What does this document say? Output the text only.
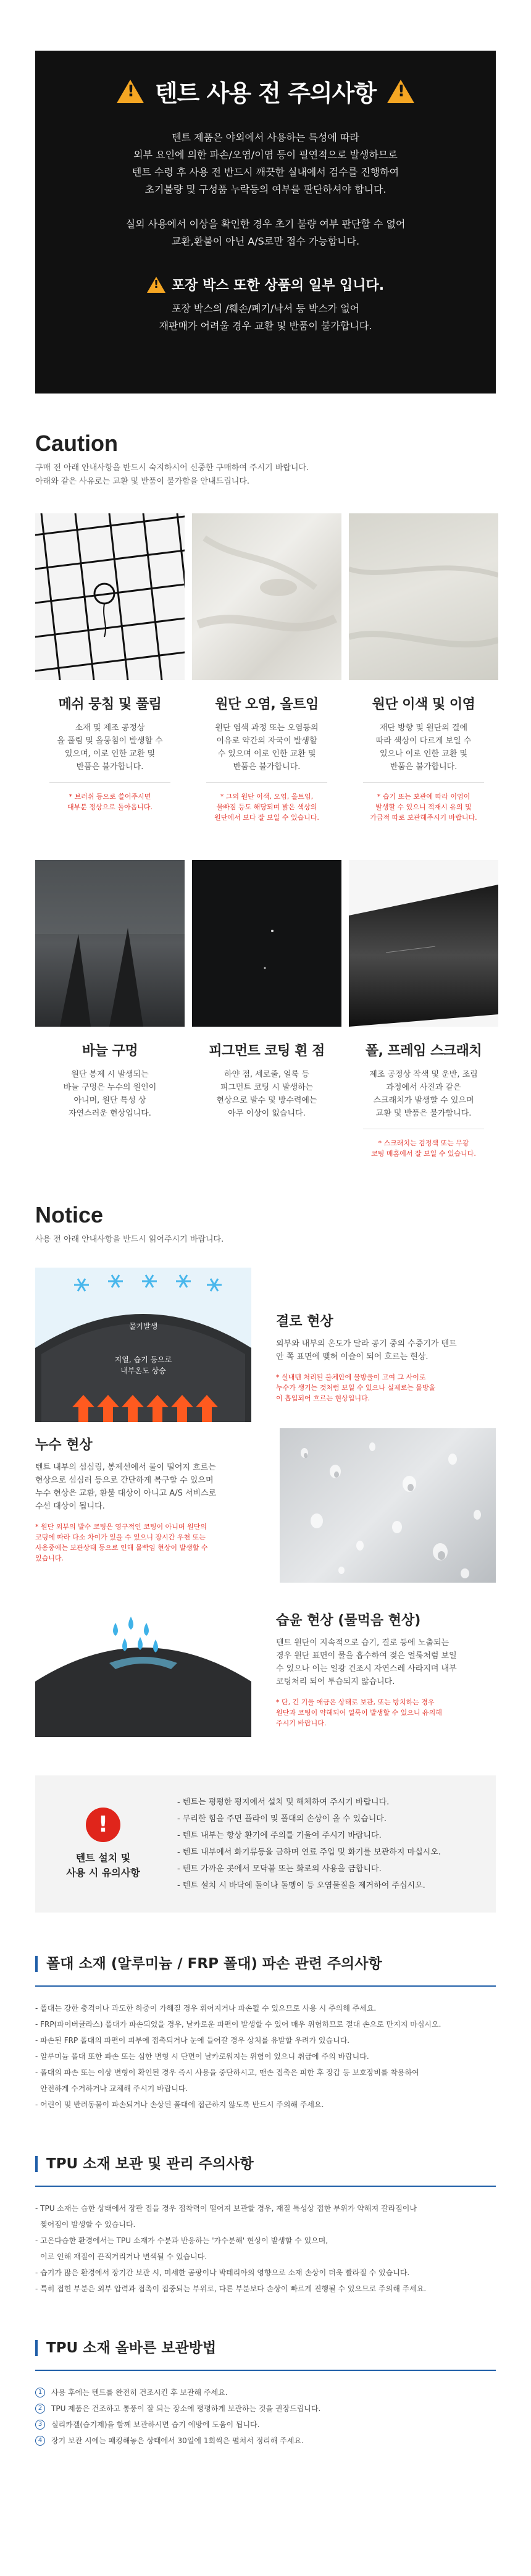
!
텐트 사용 전 주의사항
!
텐트 제품은 야외에서 사용하는 특성에 따라
외부 요인에 의한 파손/오염/이염 등이 필연적으로 발생하므로
텐트 수령 후 사용 전 반드시 깨끗한 실내에서 검수를 진행하여
초기불량 및 구성품 누락등의 여부를 판단하셔야 합니다.
실외 사용에서 이상을 확인한 경우 초기 불량 여부 판단할 수 없어
교환,환불이 아닌 A/S로만 접수 가능합니다.
!
포장 박스 또한 상품의 일부 입니다.
포장 박스의 /훼손/폐기/낙서 등 박스가 없어
재판매가 어려울 경우 교환 및 반품이 불가합니다.
Caution

구매 전 아래 안내사항을 반드시 숙지하시어 신중한 구매하여 주시기 바랍니다.
아래와 같은 사유로는 교환 및 반품이 불가함을 안내드립니다.

메쉬 뭉침 및 풀림
소재 및 제조 공정상
올 풀림 및 올뭉침이 발생할 수
있으며, 이로 인한 교환 및
반품은 불가합니다.
* 브러쉬 등으로 쓸어주시면
대부분 정상으로 돌아옵니다.
원단 오염, 올트임
원단 염색 과정 또는 오염등의
이유로 약간의 자국이 발생할
수 있으며 이로 인한 교환 및
반품은 불가합니다.
* 그외 원단 이색, 오염, 올트임,
물빠짐 등도 해당되며 밝은 색상의
원단에서 보다 잘 보일 수 있습니다.
원단 이색 및 이염
재단 방향 및 원단의 결에
따라 색상이 다르게 보일 수
있으나 이로 인한 교환 및
반품은 불가합니다.
* 습기 또는 보관에 따라 이염이
발생할 수 있으니 적재시 유의 및
가급적 따로 보관해주시기 바랍니다.
바늘 구멍
원단 봉제 시 발생되는
바늘 구멍은 누수의 원인이
아니며, 원단 특성 상
자연스러운 현상입니다.
피그먼트 코팅 흰 점
하얀 점, 세로줄, 얼룩 등
피그먼트 코팅 시 발생하는
현상으로 발수 및 방수력에는
아무 이상이 없습니다.
폴, 프레임 스크래치
제조 공정상 작색 및 운반, 조립
과정에서 사진과 같은
스크래치가 발생할 수 있으며
교환 및 반품은 불가합니다.
* 스크래치는 검정색 또는 무광
코팅 매홈에서 잘 보일 수 있습니다.
Notice

사용 전 아래 안내사항을 반드시 읽어주시기 바랍니다.

물기발생
지열, 습기 등으로
내부온도 상승
결로 현상
외부와 내부의 온도가 달라 공기 중의 수증기가 텐트
안 쪽 표면에 맺혀 이슬이 되어 흐르는 현상.
* 실내텐 처리된 불체안에 물방울이 고여 그 사이로
누수가 생기는 것처럼 보일 수 있으나 실제로는 물방울
이 흡입되어 흐르는 현상입니다.
누수 현상
텐트 내부의 섬심링, 봉제선에서 물이 떨어지 흐르는
현상으로 섬심러 등으로 간단하게 복구할 수 있으며
누수 현상은 교환, 환불 대상이 아니고 A/S 서비스로
수선 대상이 됩니다.
* 원단 외부의 발수 코팅은 영구적인 코팅이 아니며 원단의
코팅에 따라 다소 차이가 있을 수 있으니 장시간 우천 또는
사용중에는 보관상태 등으로 인해 물빡임 현상이 발생할 수
있습니다.
습윤 현상 (물먹음 현상)
텐트 원단이 지속적으로 습기, 결로 등에 노출되는
경우 원단 표면이 물을 흡수하여 젖은 얼룩처럼 보일
수 있으나 이는 일광 건조시 자연스레 사라지며 내부
코팅처리 되어 투습되지 않습니다.
* 단, 긴 기울 애금은 상태로 보관, 또는 방치하는 경우
원단과 코팅이 약해되어 얼룩이 발생할 수 있으니 유의해
주시기 바랍니다.
!
텐트 설치 및
사용 시 유의사항
- 텐트는 평평한 평지에서 설치 및 해체하여 주시기 바랍니다.
- 무리한 힘을 주면 플라이 및 폴대의 손상이 올 수 있습니다.
- 텐트 내부는 항상 환기에 주의를 기울여 주시기 바랍니다.
- 텐트 내부에서 화기류등을 금하며 연료 주입 및 화기를 보관하지 마십시오.
- 텐트 가까운 곳에서 모닥불 또는 화로의 사용을 금합니다.
- 텐트 설치 시 바닥에 돌이나 돌멩이 등 오염물질을 제거하여 주십시오.
폴대 소재 (알루미늄 / FRP 폴대) 파손 관련 주의사항
- 폴대는 강한 충격이나 과도한 하중이 가해질 경우 휘어지거나 파손될 수 있으므로 사용 시 주의해 주세요.
- FRP(파이버글라스) 폴대가 파손되었을 경우, 날카로운 파편이 발생할 수 있어 매우 위험하므로 절대 손으로 만지지 마십시오.
- 파손된 FRP 폴대의 파편이 피부에 접촉되거나 눈에 들어갈 경우 상처를 유발할 우려가 있습니다.
- 알루미늄 폴대 또한 파손 또는 심한 변형 시 단면이 날카로워지는 위험이 있으니 취급에 주의 바랍니다.
- 폴대의 파손 또는 이상 변형이 확인된 경우 즉시 사용을 중단하시고, 맨손 접촉은 피한 후 장갑 등 보호장비를 착용하여
안전하게 수거하거나 교체해 주시기 바랍니다.
- 어린이 및 반려동물이 파손되거나 손상된 폴대에 접근하지 않도록 반드시 주의해 주세요.
TPU 소재 보관 및 관리 주의사항
- TPU 소재는 습한 상태에서 장판 접을 경우 접착력이 떨어져 보관할 경우, 재질 특성상 접한 부위가 약해져 갈라짐이나
찢어짐이 발생할 수 있습니다.
- 고온다습한 환경에서는 TPU 소재가 수분과 반응하는 '가수분해' 현상이 발생할 수 있으며,
이로 인해 재질이 끈적거리거나 변색될 수 있습니다.
- 습기가 많은 환경에서 장기간 보관 시, 미세한 곰팡이나 박테리아의 영향으로 소재 손상이 더욱 빨라질 수 있습니다.
- 특히 접힌 부분은 외부 압력과 접촉이 집중되는 부위로, 다른 부분보다 손상이 빠르게 진행될 수 있으므로 주의해 주세요.
TPU 소재 올바른 보관방법
1	사용 후에는 텐트를 완전히 건조시킨 후 보관해 주세요.
2	TPU 제품은 건조하고 통풍이 잘 되는 장소에 평평하게 보관하는 것을 권장드립니다.
3	실리카겔(습기제)을 함께 보관하시면 습기 예방에 도움이 됩니다.
4	장기 보관 시에는 패킹해놓은 상태에서 30일에 1회씩은 펼쳐서 정리해 주세요.
